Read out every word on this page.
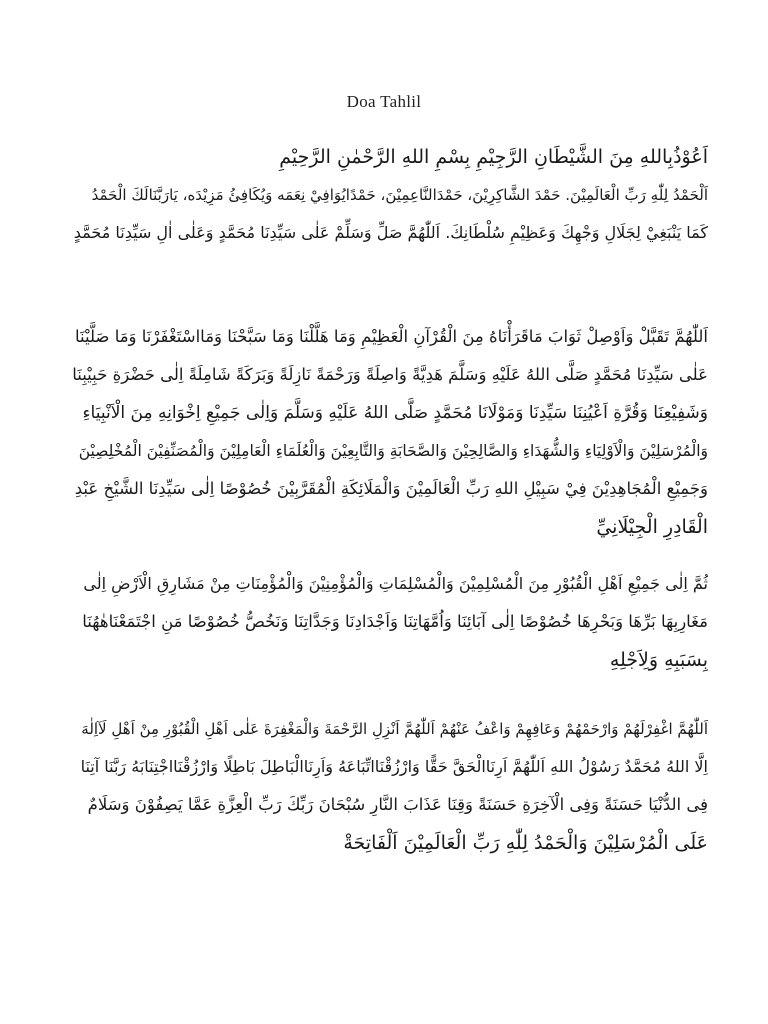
Doa Tahlil
اَعُوْذُبِاللهِ مِنَ الشَّيْطَانِ الرَّجِيْمِ بِسْمِ اللهِ الرَّحْمٰنِ الرَّحِيْمِ
اَلْحَمْدُ لِلّٰهِ رَبِّ الْعَالَمِيْنَ. حَمْدَ الشَّاكِرِيْنَ، حَمْدَالنَّاعِمِيْنَ، حَمْدًايُوَافِيْ نِعَمَه وَيُكَافِئُ مَزِيْدَه، يَارَبَّنَالَكَ الْحَمْدُ
كَمَا يَنْبَغِيْ لِجَلَالِ وَجْهِكَ وَعَظِيْمِ سُلْطَانِكَ. اَللّٰهُمَّ صَلِّ وَسَلِّمْ عَلٰى سَيِّدِنَا مُحَمَّدٍ وَعَلٰى اٰلِ سَيِّدِنَا مُحَمَّدٍ
اَللّٰهُمَّ تَقَبَّلْ وَاَوْصِلْ ثَوَابَ مَاقَرَأْنَاهُ مِنَ الْقُرْآنِ الْعَظِيْمِ وَمَا هَلَّلْنَا وَمَا سَبَّحْنَا وَمَااسْتَغْفَرْنَا وَمَا صَلَّيْنَا
عَلٰى سَيِّدِنَا مُحَمَّدٍ صَلَّى اللهُ عَلَيْهِ وَسَلَّمَ هَدِيَّةً وَاصِلَةً وَرَحْمَةً نَازِلَةً وَبَرَكَةً شَامِلَةً اِلٰى حَضْرَةِ حَبِيْبِنَا
وَشَفِيْعِنَا وَقُرَّةِ اَعْيُنِنَا سَيِّدِنَا وَمَوْلَانَا مُحَمَّدٍ صَلَّى اللهُ عَلَيْهِ وَسَلَّمَ وَاِلٰى جَمِيْعِ اِخْوَانِهِ مِنَ الْاَنْبِيَاءِ
وَالْمُرْسَلِيْنَ وَالْاَوْلِيَاءِ وَالشُّهَدَاءِ وَالصَّالِحِيْنَ وَالصَّحَابَةِ وَالتَّابِعِيْنَ وَالْعُلَمَاءِ الْعَامِلِيْنَ وَالْمُصَنِّفِيْنَ الْمُخْلِصِيْنَ
وَجَمِيْعِ الْمُجَاهِدِيْنَ فِيْ سَبِيْلِ اللهِ رَبِّ الْعَالَمِيْنَ وَالْمَلَائِكَةِ الْمُقَرَّبِيْنَ خُصُوْصًا اِلٰى سَيِّدِنَا الشَّيْخِ عَبْدِ
الْقَادِرِ الْجِيْلَانِيِّ
ثُمَّ اِلٰى جَمِيْعِ اَهْلِ الْقُبُوْرِ مِنَ الْمُسْلِمِيْنَ وَالْمُسْلِمَاتِ وَالْمُؤْمِنِيْنَ وَالْمُؤْمِنَاتِ مِنْ مَشَارِقِ الْاَرْضِ اِلٰى
مَغَارِبِهَا بَرِّهَا وَبَحْرِهَا خُصُوْصًا اِلٰى آبَائِنَا وَاُمَّهَاتِنَا وَاَجْدَادِنَا وَجَدَّاتِنَا وَنَخُصُّ خُصُوْصًا مَنِ اجْتَمَعْنَاهٰهُنَا
بِسَبَبِهِ وَلِاَجْلِهِ
اَللّٰهُمَّ اغْفِرْلَهُمْ وَارْحَمْهُمْ وَعَافِهِمْ وَاعْفُ عَنْهُمْ اَللّٰهُمَّ اَنْزِلِ الرَّحْمَةَ وَالْمَغْفِرَةَ عَلٰى اَهْلِ الْقُبُوْرِ مِنْ اَهْلِ لَآاِلٰهَ
اِلَّا اللهُ مُحَمَّدٌ رَسُوْلُ اللهِ اَللّٰهُمَّ اَرِنَاالْحَقَّ حَقًّا وَارْزُقْنَااتِّبَاعَهُ وَاَرِنَاالْبَاطِلَ بَاطِلًا وَارْزُقْنَااجْتِنَابَهُ رَبَّنَا آتِنَا
فِى الدُّنْيَا حَسَنَةً وَفِى الْآخِرَةِ حَسَنَةً وَقِنَا عَذَابَ النَّارِ سُبْحَانَ رَبِّكَ رَبِّ الْعِزَّةِ عَمَّا يَصِفُوْنَ وَسَلَامٌ
عَلَى الْمُرْسَلِيْنَ وَالْحَمْدُ لِلّٰهِ رَبِّ الْعَالَمِيْنَ اَلْفَاتِحَةْ
